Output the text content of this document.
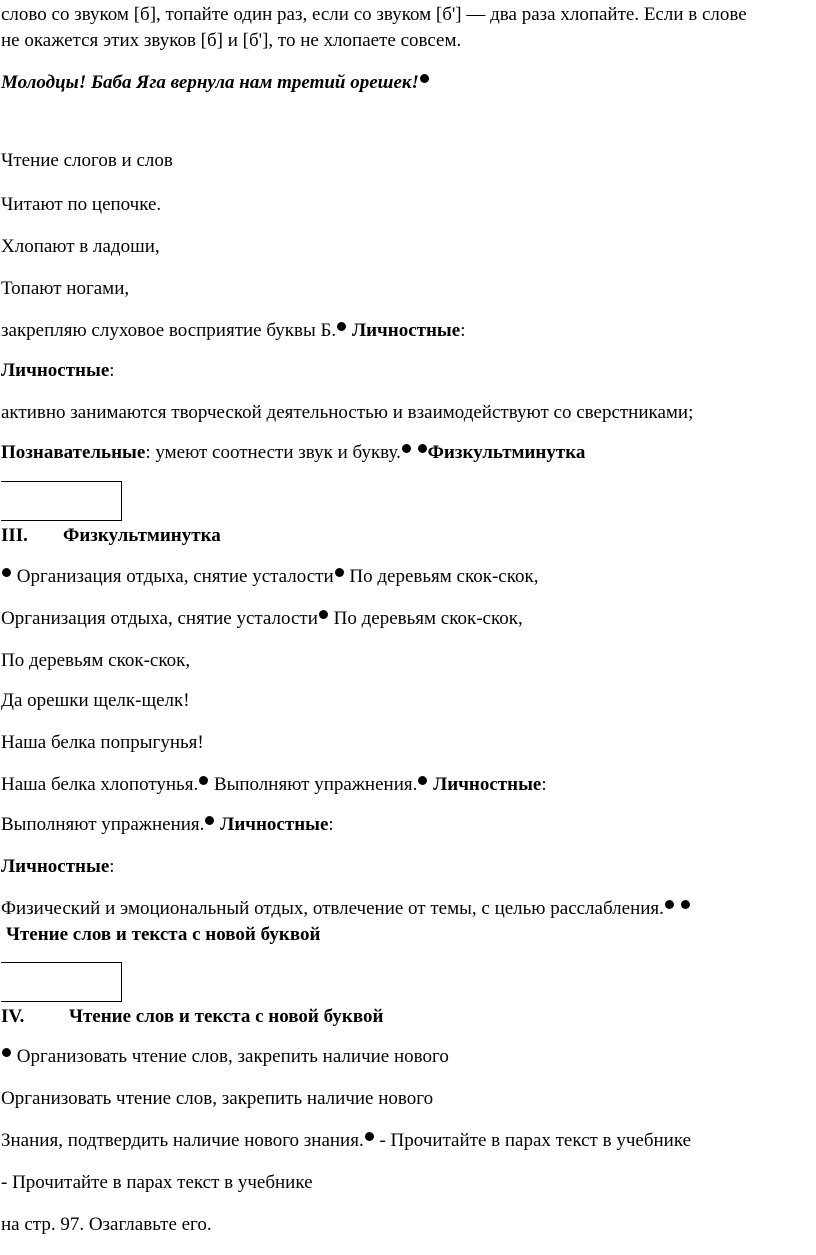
слово со звуком [б], топайте один раз, если со звуком [б'] — два раза хлопайте. Если в слове
не окажется этих звуков [б] и [б'], то не хлопаете совсем.
Молодцы! Баба Яга вернула нам третий орешек!
Чтение слогов и слов
Читают по цепочке.
Хлопают в ладоши,
Топают ногами,
закрепляю слуховое восприятие буквы Б. Личностные:
Личностные:
активно занимаются творческой деятельностью и взаимодействуют со сверстниками;
Познавательные: умеют соотнести звук и букву. Физкультминутка
III. Физкультминутка
Организация отдыха, снятие усталости По деревьям скок-скок,
Организация отдыха, снятие усталости По деревьям скок-скок,
По деревьям скок-скок,
Да орешки щелк-щелк!
Наша белка попрыгунья!
Наша белка хлопотунья. Выполняют упражнения. Личностные:
Выполняют упражнения. Личностные:
Личностные:
Физический и эмоциональный отдых, отвлечение от темы, с целью расслабления.
Чтение слов и текста с новой буквой
IV. Чтение слов и текста с новой буквой
Организовать чтение слов, закрепить наличие нового
Организовать чтение слов, закрепить наличие нового
Знания, подтвердить наличие нового знания. - Прочитайте в парах текст в учебнике
- Прочитайте в парах текст в учебнике
на стр. 97. Озаглавьте его.
